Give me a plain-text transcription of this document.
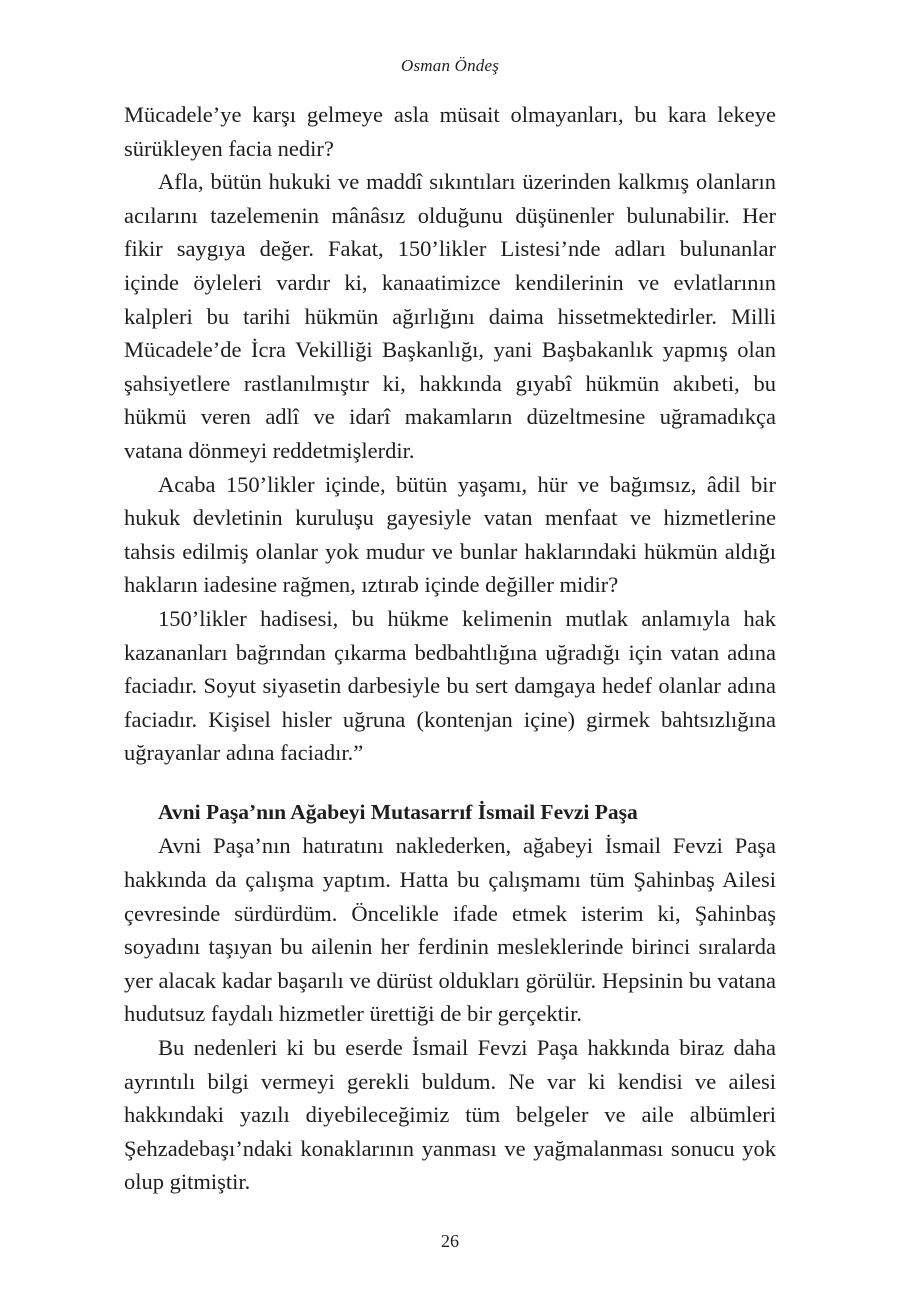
Osman Öndeş

Mücadele’ye karşı gelmeye asla müsait olmayanları, bu kara lekeye sürükleyen facia nedir?

Afla, bütün hukuki ve maddî sıkıntıları üzerinden kalkmış olanların acılarını tazelemenin mânâsız olduğunu düşünenler bulunabilir. Her fikir saygıya değer. Fakat, 150’likler Listesi’nde adları bulunanlar içinde öyleleri vardır ki, kanaatimizce kendilerinin ve evlatlarının kalpleri bu tarihi hükmün ağırlığını daima hissetmektedirler. Milli Mücadele’de İcra Vekilliği Başkanlığı, yani Başbakanlık yapmış olan şahsiyetlere rastlanılmıştır ki, hakkında gıyabî hükmün akıbeti, bu hükmü veren adlî ve idarî makamların düzeltmesine uğramadıkça vatana dönmeyi reddetmişlerdir.

Acaba 150’likler içinde, bütün yaşamı, hür ve bağımsız, âdil bir hukuk devletinin kuruluşu gayesiyle vatan menfaat ve hizmetlerine tahsis edilmiş olanlar yok mudur ve bunlar haklarındaki hükmün aldığı hakların iadesine rağmen, ıztırab içinde değiller midir?

150’likler hadisesi, bu hükme kelimenin mutlak anlamıyla hak kazananları bağrından çıkarma bedbahtlığına uğradığı için vatan adına faciadır. Soyut siyasetin darbesiyle bu sert damgaya hedef olanlar adına faciadır. Kişisel hisler uğruna (kontenjan içine) girmek bahtsızlığına uğrayanlar adına faciadır.”

Avni Paşa’nın Ağabeyi Mutasarrıf İsmail Fevzi Paşa

Avni Paşa’nın hatıratını naklederken, ağabeyi İsmail Fevzi Paşa hakkında da çalışma yaptım. Hatta bu çalışmamı tüm Şahinbaş Ailesi çevresinde sürdürdüm. Öncelikle ifade etmek isterim ki, Şahinbaş soyadını taşıyan bu ailenin her ferdinin mesleklerinde birinci sıralarda yer alacak kadar başarılı ve dürüst oldukları görülür. Hepsinin bu vatana hudutsuz faydalı hizmetler ürettiği de bir gerçektir.

Bu nedenleri ki bu eserde İsmail Fevzi Paşa hakkında biraz daha ayrıntılı bilgi vermeyi gerekli buldum. Ne var ki kendisi ve ailesi hakkındaki yazılı diyebileceğimiz tüm belgeler ve aile albümleri Şehzadebaşı’ndaki konaklarının yanması ve yağmalanması sonucu yok olup gitmiştir.

26
